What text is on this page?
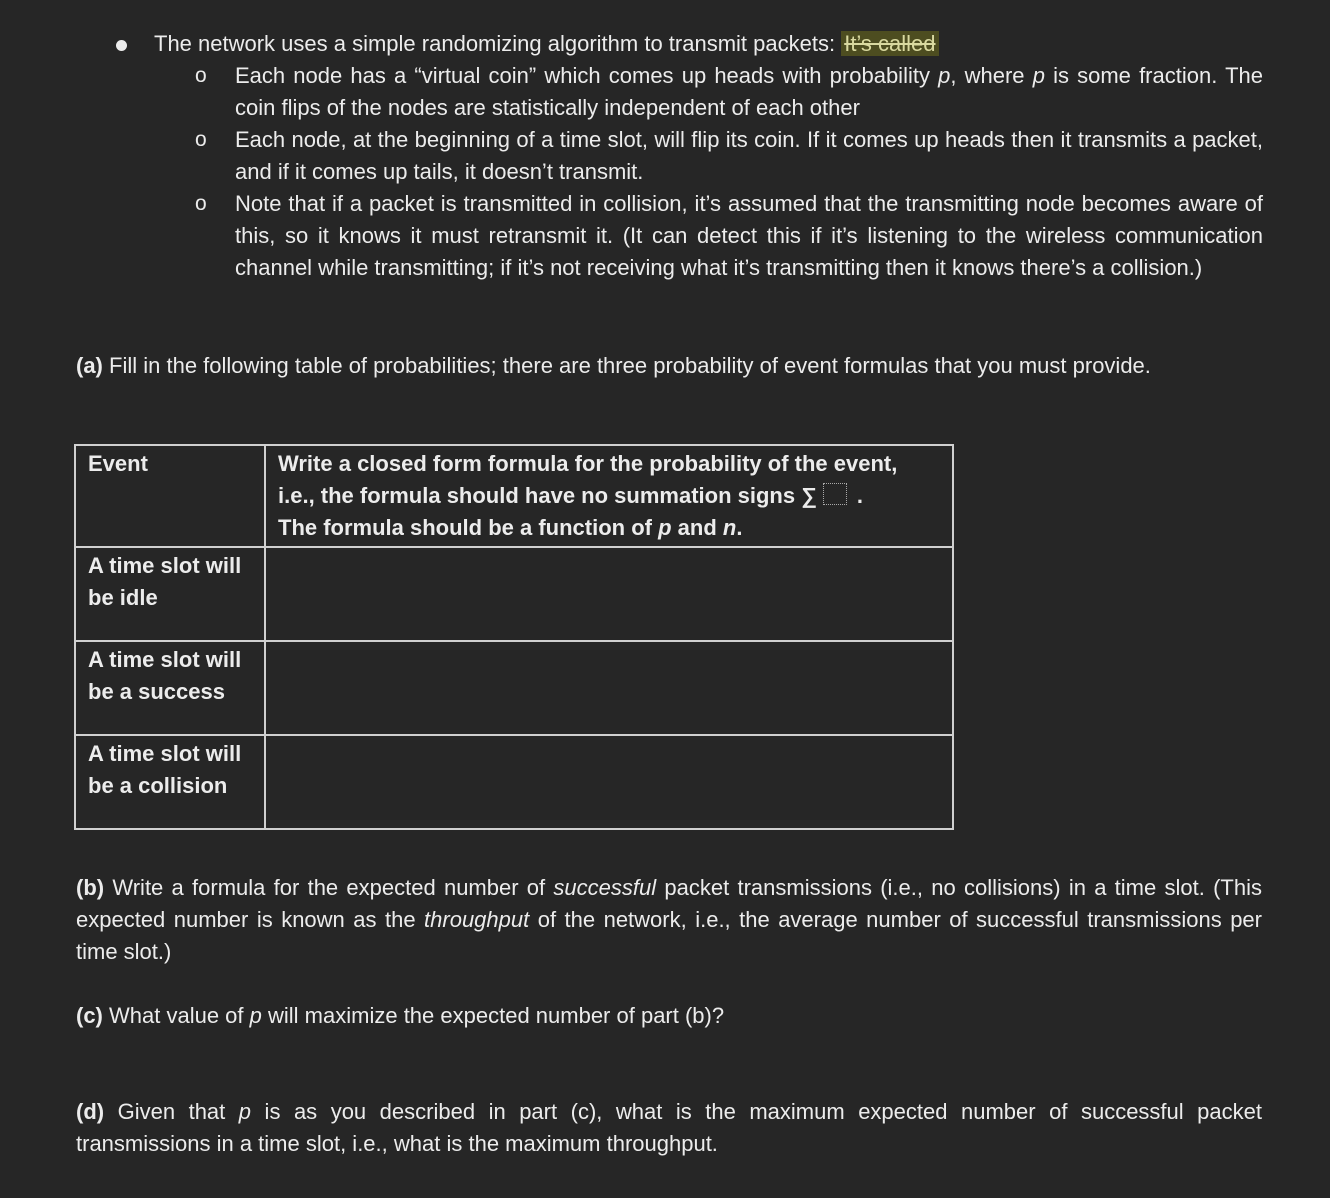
The network uses a simple randomizing algorithm to transmit packets: It’s called
o Each node has a “virtual coin” which comes up heads with probability p, where p is some fraction. The coin flips of the nodes are statistically independent of each other
o Each node, at the beginning of a time slot, will flip its coin. If it comes up heads then it transmits a packet, and if it comes up tails, it doesn’t transmit.
o Note that if a packet is transmitted in collision, it’s assumed that the transmitting node becomes aware of this, so it knows it must retransmit it. (It can detect this if it’s listening to the wireless communication channel while transmitting; if it’s not receiving what it’s transmitting then it knows there’s a collision.)
(a) Fill in the following table of probabilities; there are three probability of event formulas that you must provide.
Event	Write a closed form formula for the probability of the event, i.e., the formula should have no summation signs ∑ .
The formula should be a function of p and n.
A time slot will be idle	
A time slot will be a success	
A time slot will be a collision	
(b) Write a formula for the expected number of successful packet transmissions (i.e., no collisions) in a time slot. (This expected number is known as the throughput of the network, i.e., the average number of successful transmissions per time slot.)
(c) What value of p will maximize the expected number of part (b)?
(d) Given that p is as you described in part (c), what is the maximum expected number of successful packet transmissions in a time slot, i.e., what is the maximum throughput.
